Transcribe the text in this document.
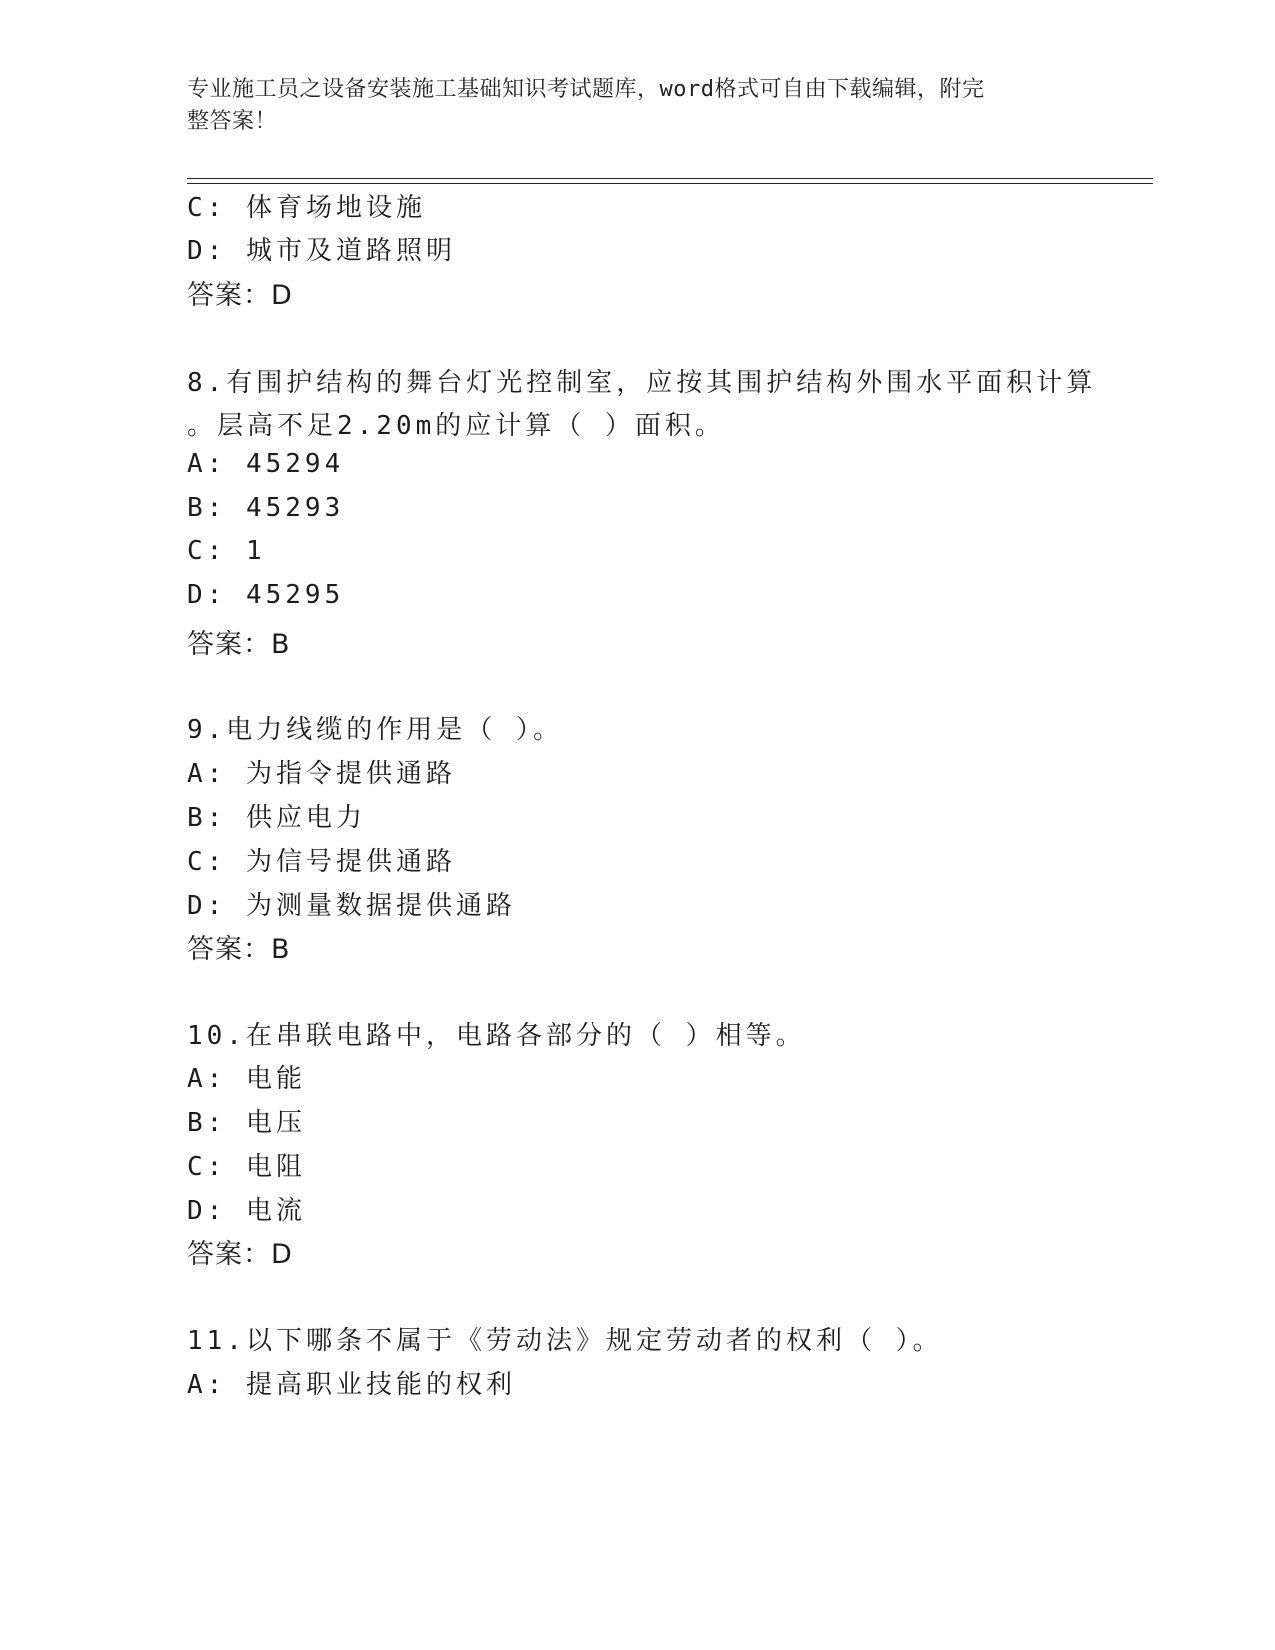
专业施工员之设备安装施工基础知识考试题库，word格式可自由下载编辑，附完
整答案！
C: 体育场地设施
D: 城市及道路照明
答案：D
8.有围护结构的舞台灯光控制室，应按其围护结构外围水平面积计算
。层高不足2.20m的应计算（ ）面积。
A: 45294
B: 45293
C: 1
D: 45295
答案：B
9.电力线缆的作用是（ ）。
A: 为指令提供通路
B: 供应电力
C: 为信号提供通路
D: 为测量数据提供通路
答案：B
10.在串联电路中，电路各部分的（ ）相等。
A: 电能
B: 电压
C: 电阻
D: 电流
答案：D
11.以下哪条不属于《劳动法》规定劳动者的权利（ ）。
A: 提高职业技能的权利
